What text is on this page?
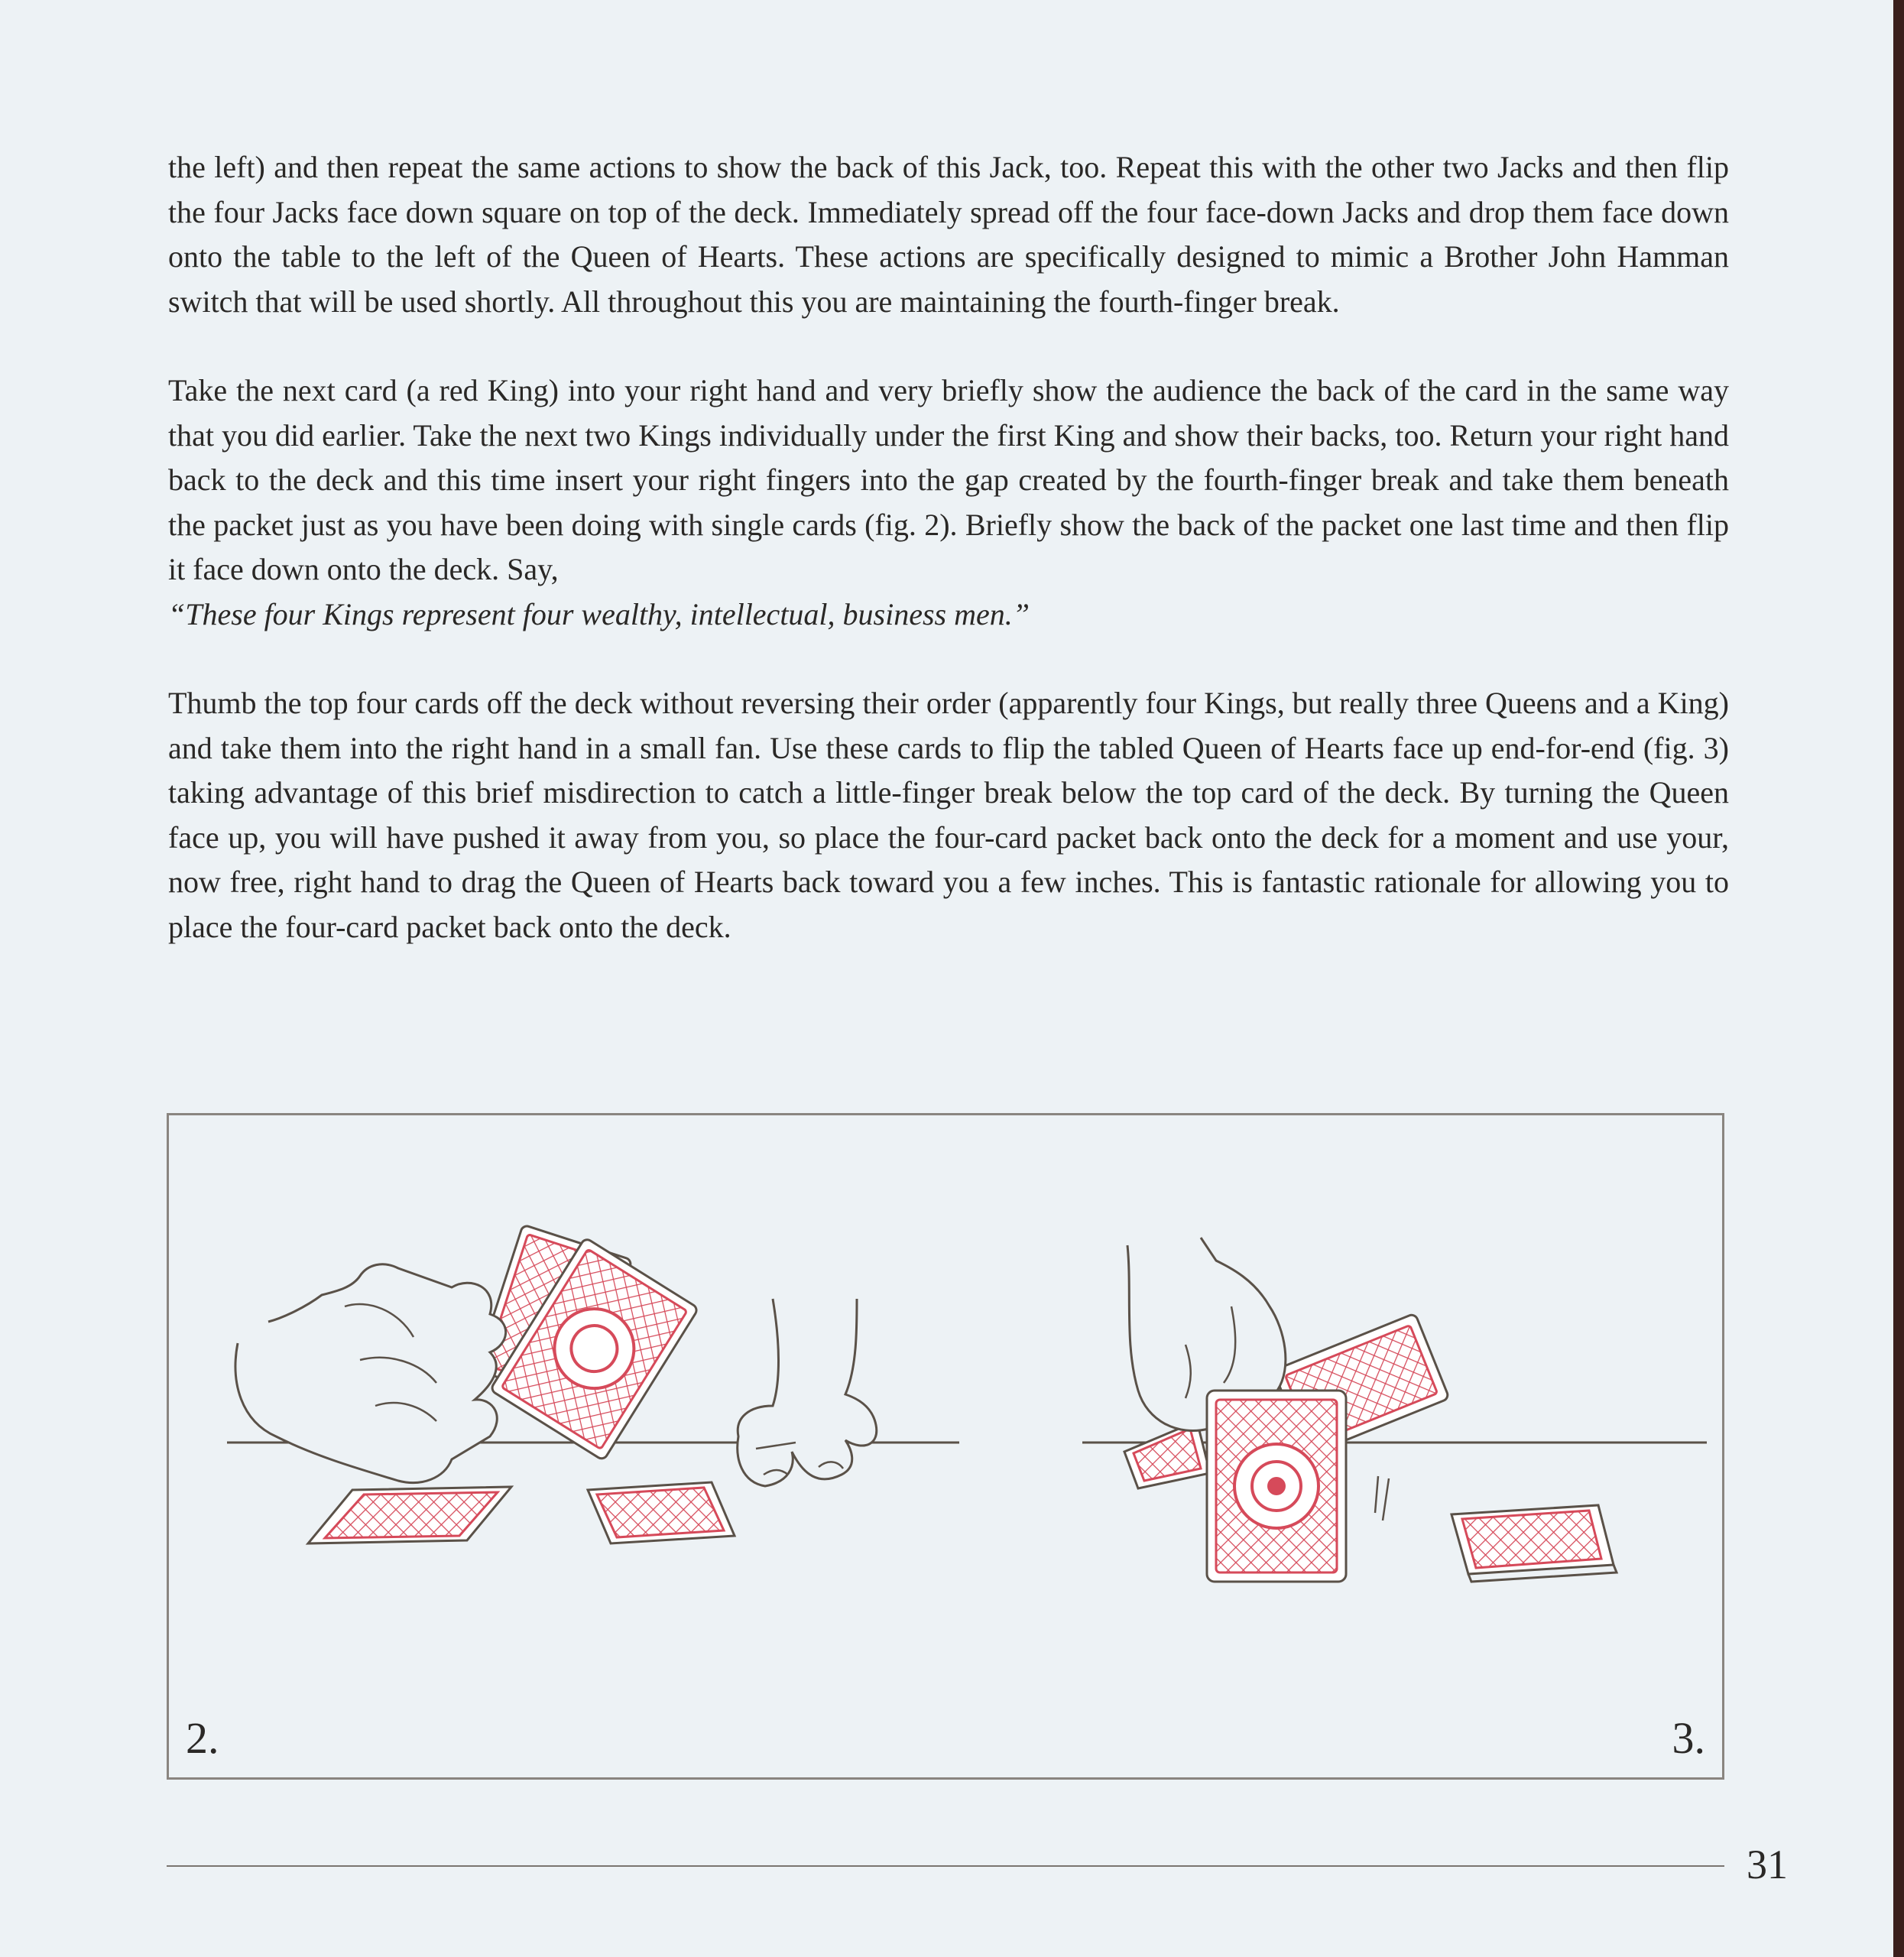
the left) and then repeat the same actions to show the back of this Jack, too. Repeat this with the other two Jacks and then flip the four Jacks face down square on top of the deck. Immediately spread off the four face-down Jacks and drop them face down onto the table to the left of the Queen of Hearts. These actions are specifically designed to mimic a Brother John Hamman switch that will be used shortly. All throughout this you are maintaining the fourth-finger break.

Take the next card (a red King) into your right hand and very briefly show the audience the back of the card in the same way that you did earlier. Take the next two Kings individually under the first King and show their backs, too. Return your right hand back to the deck and this time insert your right fingers into the gap created by the fourth-finger break and take them beneath the packet just as you have been doing with single cards (fig. 2). Briefly show the back of the packet one last time and then flip it face down onto the deck. Say,
“These four Kings represent four wealthy, intellectual, business men.”

Thumb the top four cards off the deck without reversing their order (apparently four Kings, but really three Queens and a King) and take them into the right hand in a small fan. Use these cards to flip the tabled Queen of Hearts face up end-for-end (fig. 3) taking advantage of this brief misdirection to catch a little-finger break below the top card of the deck. By turning the Queen face up, you will have pushed it away from you, so place the four-card packet back onto the deck for a moment and use your, now free, right hand to drag the Queen of Hearts back toward you a few inches. This is fantastic rationale for allowing you to place the four-card packet back onto the deck.

2.	3.
31
